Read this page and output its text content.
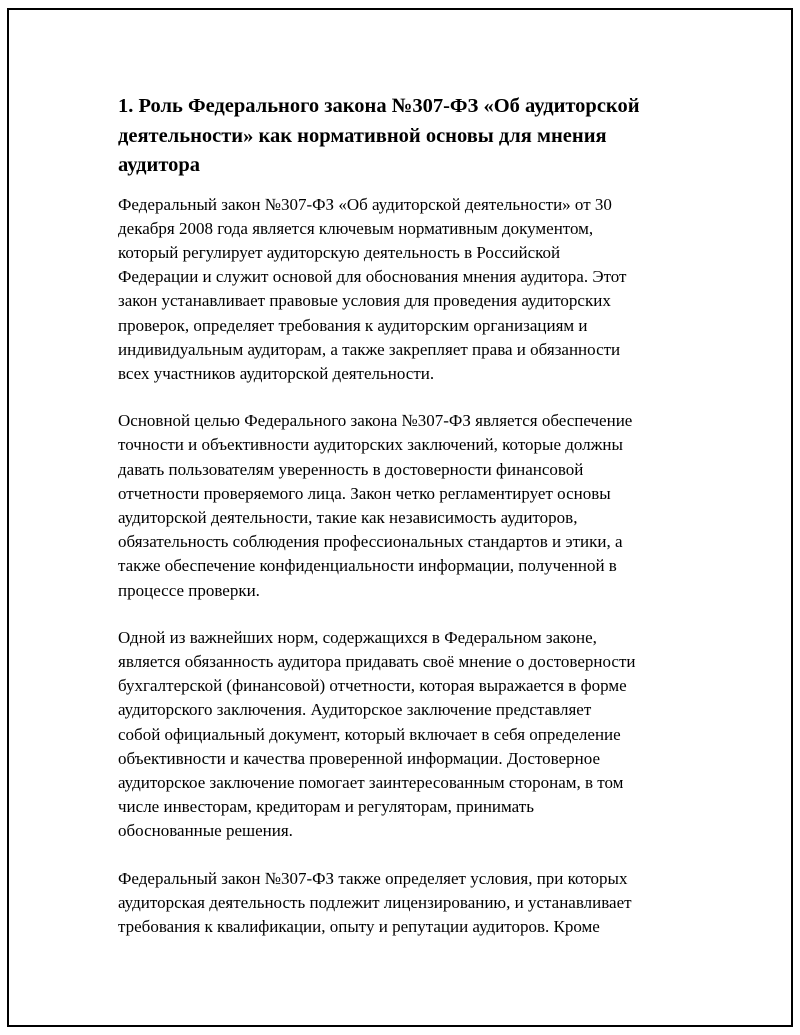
1. Роль Федерального закона №307-ФЗ «Об аудиторской
деятельности» как нормативной основы для мнения
аудитора

Федеральный закон №307-ФЗ «Об аудиторской деятельности» от 30
декабря 2008 года является ключевым нормативным документом,
который регулирует аудиторскую деятельность в Российской
Федерации и служит основой для обоснования мнения аудитора. Этот
закон устанавливает правовые условия для проведения аудиторских
проверок, определяет требования к аудиторским организациям и
индивидуальным аудиторам, а также закрепляет права и обязанности
всех участников аудиторской деятельности.

Основной целью Федерального закона №307-ФЗ является обеспечение
точности и объективности аудиторских заключений, которые должны
давать пользователям уверенность в достоверности финансовой
отчетности проверяемого лица. Закон четко регламентирует основы
аудиторской деятельности, такие как независимость аудиторов,
обязательность соблюдения профессиональных стандартов и этики, а
также обеспечение конфиденциальности информации, полученной в
процессе проверки.

Одной из важнейших норм, содержащихся в Федеральном законе,
является обязанность аудитора придавать своё мнение о достоверности
бухгалтерской (финансовой) отчетности, которая выражается в форме
аудиторского заключения. Аудиторское заключение представляет
собой официальный документ, который включает в себя определение
объективности и качества проверенной информации. Достоверное
аудиторское заключение помогает заинтересованным сторонам, в том
числе инвесторам, кредиторам и регуляторам, принимать
обоснованные решения.

Федеральный закон №307-ФЗ также определяет условия, при которых
аудиторская деятельность подлежит лицензированию, и устанавливает
требования к квалификации, опыту и репутации аудиторов. Кроме
